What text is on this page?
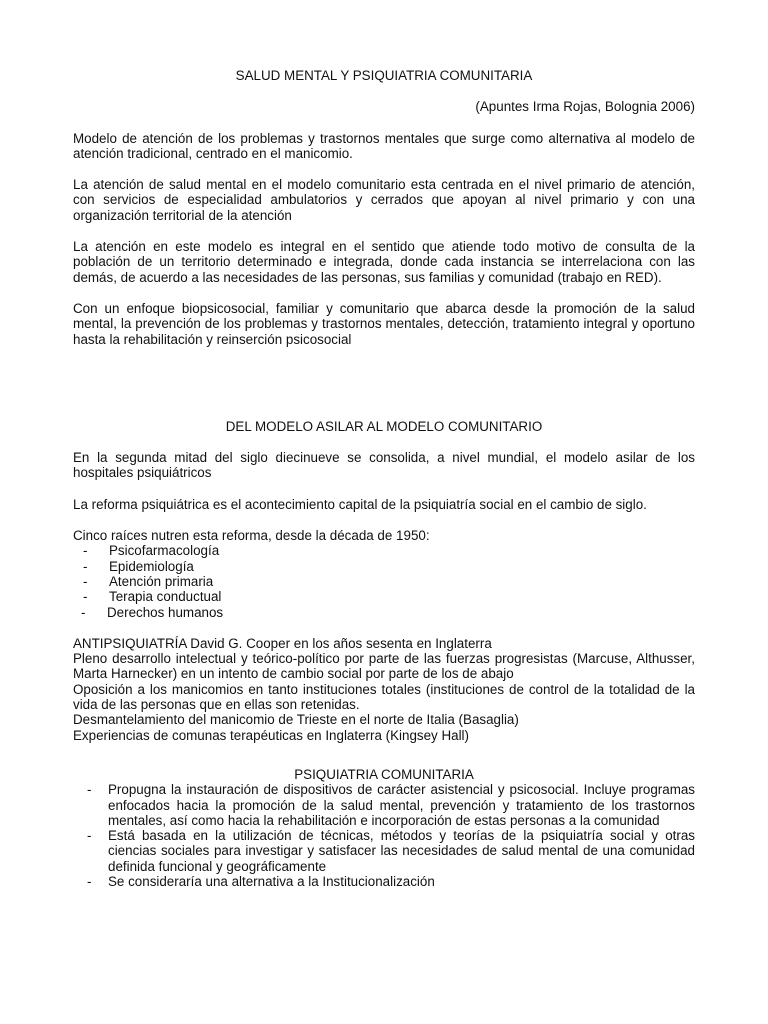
SALUD MENTAL Y PSIQUIATRIA COMUNITARIA

(Apuntes Irma Rojas, Bolognia 2006)

Modelo de atención de los problemas y trastornos mentales que surge como alternativa al modelo de atención tradicional, centrado en el manicomio.

La atención de salud mental en el modelo comunitario esta centrada en el nivel primario de atención, con servicios de especialidad ambulatorios y cerrados que apoyan al nivel primario y con una organización territorial de la atención

La atención en este modelo es integral en el sentido que atiende todo motivo de consulta de la población de un territorio determinado e integrada, donde cada instancia se interrelaciona con las demás, de acuerdo a las necesidades de las personas, sus familias y comunidad (trabajo en RED).

Con un enfoque biopsicosocial, familiar y comunitario que abarca desde la promoción de la salud mental, la prevención de los problemas y trastornos mentales, detección, tratamiento integral y oportuno hasta la rehabilitación y reinserción psicosocial

DEL MODELO ASILAR AL MODELO COMUNITARIO

En la segunda mitad del siglo diecinueve se consolida, a nivel mundial, el modelo asilar de los hospitales psiquiátricos

La reforma psiquiátrica es el acontecimiento capital de la psiquiatría social en el cambio de siglo.

Cinco raíces nutren esta reforma, desde la década de 1950:

-	Psicofarmacología
-	Epidemiología
-	Atención primaria
-	Terapia conductual
-	Derechos humanos

ANTIPSIQUIATRÍA David G. Cooper en los años sesenta en Inglaterra

Pleno desarrollo intelectual y teórico-político por parte de las fuerzas progresistas (Marcuse, Althusser, Marta Harnecker) en un intento de cambio social por parte de los de abajo

Oposición a los manicomios en tanto instituciones totales (instituciones de control de la totalidad de la vida de las personas que en ellas son retenidas.

Desmantelamiento del manicomio de Trieste en el norte de Italia (Basaglia)

Experiencias de comunas terapéuticas en Inglaterra (Kingsey Hall)

PSIQUIATRIA COMUNITARIA

-	Propugna la instauración de dispositivos de carácter asistencial y psicosocial. Incluye programas enfocados hacia la promoción de la salud mental, prevención y tratamiento de los trastornos mentales, así como hacia la rehabilitación e incorporación de estas personas a la comunidad
-	Está basada en la utilización de técnicas, métodos y teorías de la psiquiatría social y otras ciencias sociales para investigar y satisfacer las necesidades de salud mental de una comunidad definida funcional y geográficamente
-	Se consideraría una alternativa a la Institucionalización
